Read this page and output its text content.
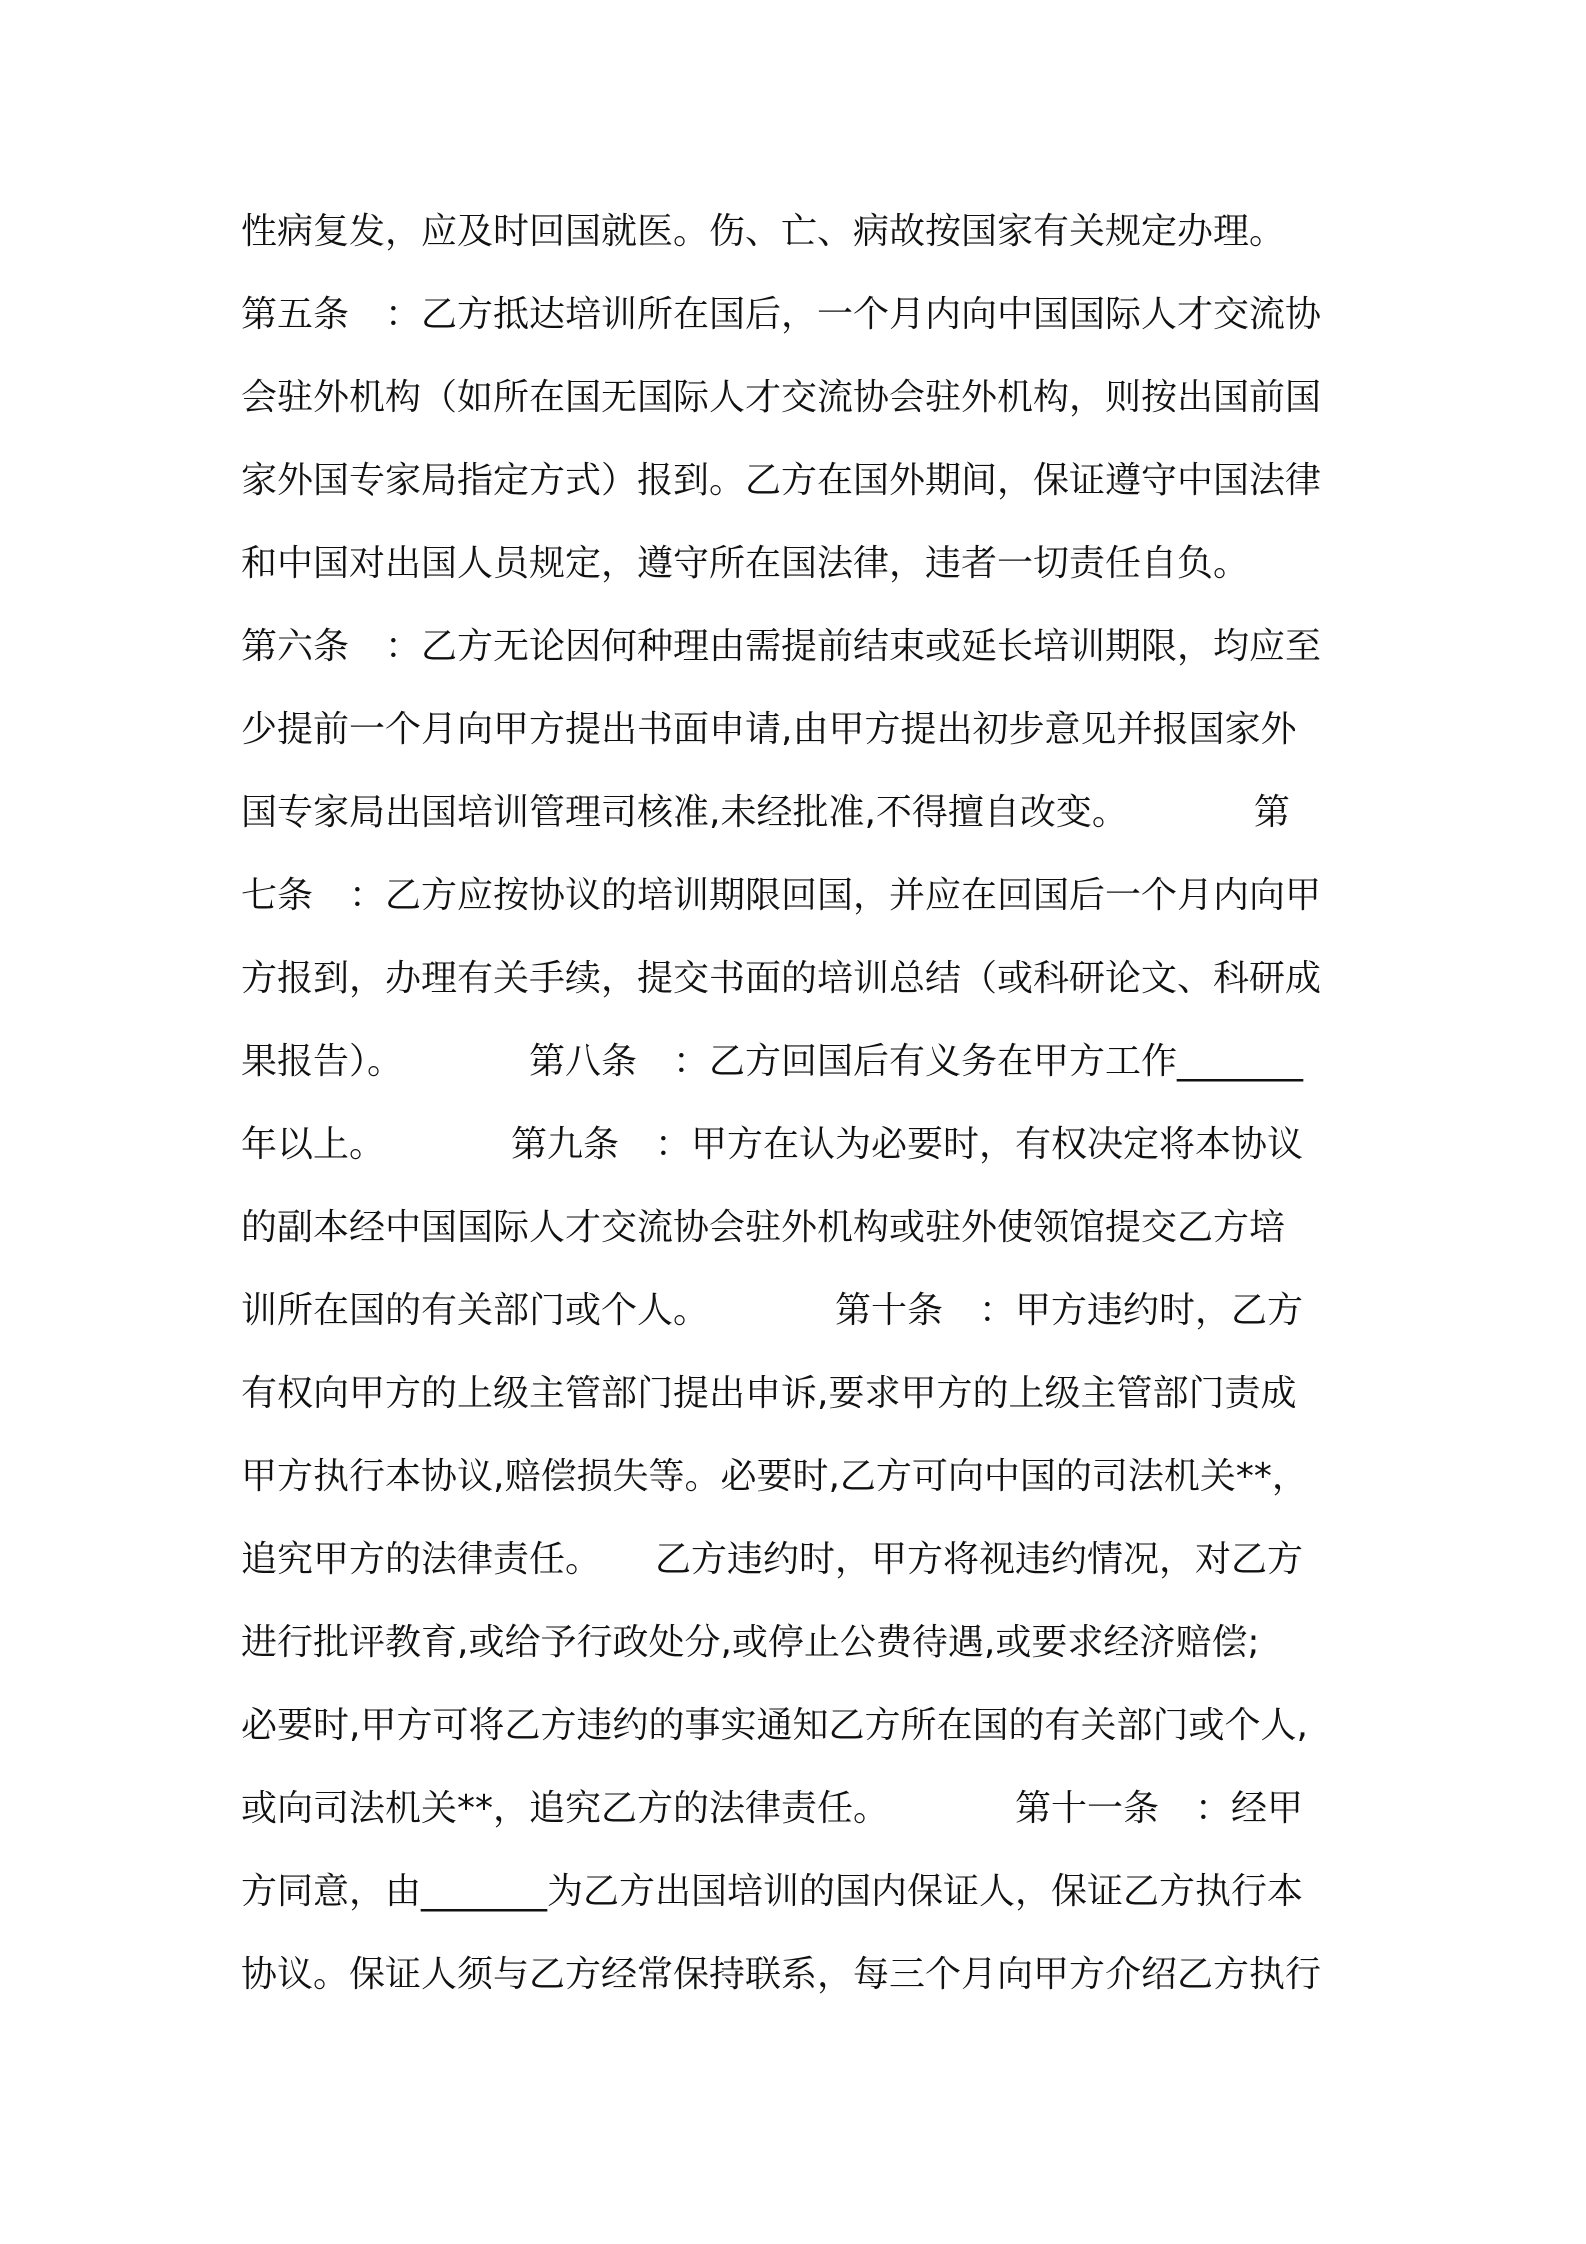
性病复发，应及时回国就医。伤、亡、病故按国家有关规定办理。
第五条　：乙方抵达培训所在国后，一个月内向中国国际人才交流协
会驻外机构（如所在国无国际人才交流协会驻外机构，则按出国前国
家外国专家局指定方式）报到。乙方在国外期间，保证遵守中国法律
和中国对出国人员规定，遵守所在国法律，违者一切责任自负。
第六条　：乙方无论因何种理由需提前结束或延长培训期限，均应至
少提前一个月向甲方提出书面申请,由甲方提出初步意见并报国家外
国专家局出国培训管理司核准,未经批准,不得擅自改变。　　　　第
七条　：乙方应按协议的培训期限回国，并应在回国后一个月内向甲
方报到，办理有关手续，提交书面的培训总结（或科研论文、科研成
果报告）。　　　　第八条　：乙方回国后有义务在甲方工作_______
年以上。　　　　第九条　：甲方在认为必要时，有权决定将本协议
的副本经中国国际人才交流协会驻外机构或驻外使领馆提交乙方培
训所在国的有关部门或个人。　　　　第十条　：甲方违约时，乙方
有权向甲方的上级主管部门提出申诉,要求甲方的上级主管部门责成
甲方执行本协议,赔偿损失等。必要时,乙方可向中国的司法机关**，
追究甲方的法律责任。　　乙方违约时，甲方将视违约情况，对乙方
进行批评教育,或给予行政处分,或停止公费待遇,或要求经济赔偿;
必要时,甲方可将乙方违约的事实通知乙方所在国的有关部门或个人,
或向司法机关**，追究乙方的法律责任。　　　　第十一条　：经甲
方同意，由_______为乙方出国培训的国内保证人，保证乙方执行本
协议。保证人须与乙方经常保持联系，每三个月向甲方介绍乙方执行
